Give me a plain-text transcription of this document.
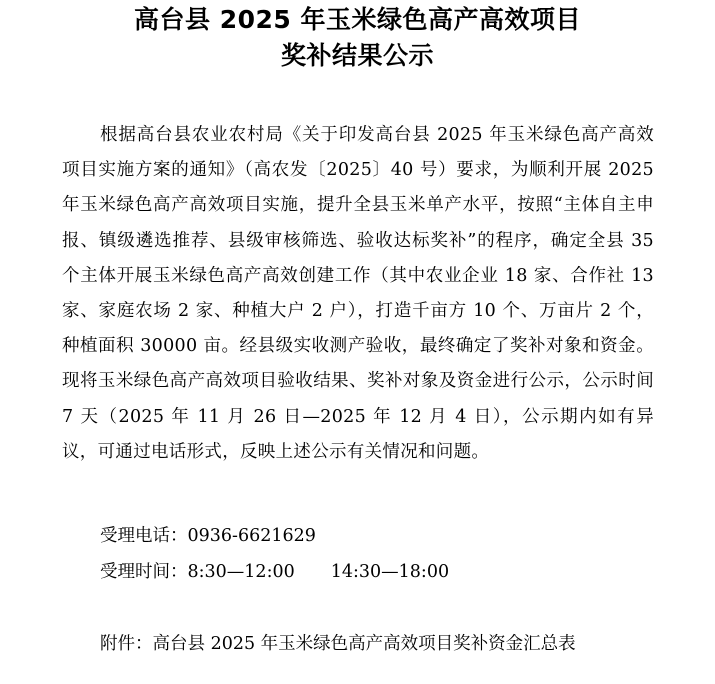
高台县 2025 年玉米绿色高产高效项目
奖补结果公示

根据高台县农业农村局《关于印发高台县 2025 年玉米绿色高产高效项目实施方案的通知》（高农发〔2025〕40 号）要求，为顺利开展 2025 年玉米绿色高产高效项目实施，提升全县玉米单产水平，按照“主体自主申报、镇级遴选推荐、县级审核筛选、验收达标奖补”的程序，确定全县 35 个主体开展玉米绿色高产高效创建工作（其中农业企业 18 家、合作社 13 家、家庭农场 2 家、种植大户 2 户），打造千亩方 10 个、万亩片 2 个，种植面积 30000 亩。经县级实收测产验收，最终确定了奖补对象和资金。现将玉米绿色高产高效项目验收结果、奖补对象及资金进行公示，公示时间 7 天（2025 年 11 月 26 日—2025 年 12 月 4 日），公示期内如有异议，可通过电话形式，反映上述公示有关情况和问题。

受理电话：0936-6621629

受理时间：8:30—12:00 14:30—18:00

附件：高台县 2025 年玉米绿色高产高效项目奖补资金汇总表
